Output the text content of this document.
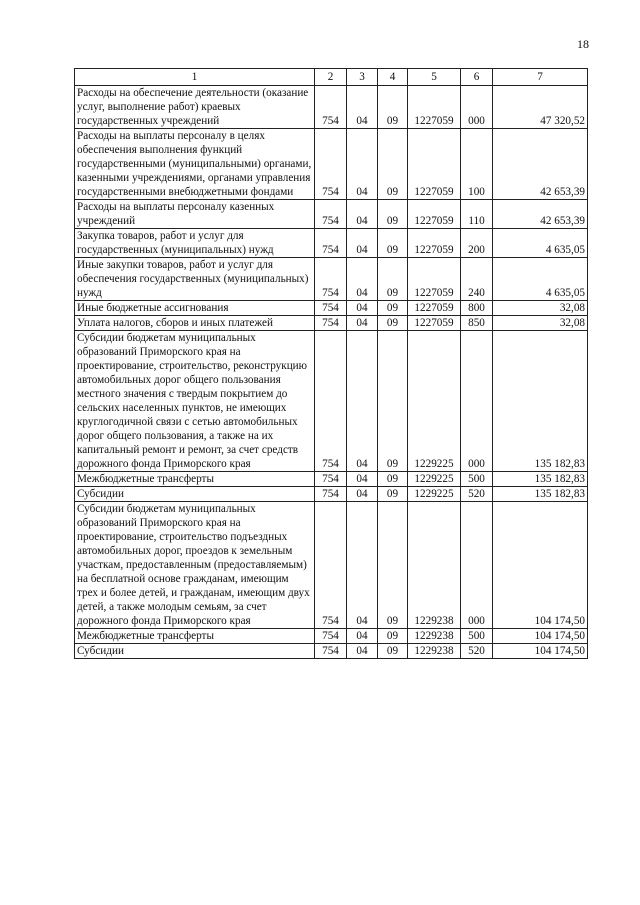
18
1	2	3	4	5	6	7
Расходы на обеспечение деятельности (оказание услуг, выполнение работ) краевых государственных учреждений	754	04	09	1227059	000	47 320,52
Расходы на выплаты персоналу в целях обеспечения выполнения функций государственными (муниципальными) органами, казенными учреждениями, органами управления государственными внебюджетными фондами	754	04	09	1227059	100	42 653,39
Расходы на выплаты персоналу казенных учреждений	754	04	09	1227059	110	42 653,39
Закупка товаров, работ и услуг для государственных (муниципальных) нужд	754	04	09	1227059	200	4 635,05
Иные закупки товаров, работ и услуг для обеспечения государственных (муниципальных) нужд	754	04	09	1227059	240	4 635,05
Иные бюджетные ассигнования	754	04	09	1227059	800	32,08
Уплата налогов, сборов и иных платежей	754	04	09	1227059	850	32,08
Субсидии бюджетам муниципальных образований Приморского края на проектирование, строительство, реконструкцию автомобильных дорог общего пользования местного значения с твердым покрытием до сельских населенных пунктов, не имеющих круглогодичной связи с сетью автомобильных дорог общего пользования, а также на их капитальный ремонт и ремонт, за счет средств дорожного фонда Приморского края	754	04	09	1229225	000	135 182,83
Межбюджетные трансферты	754	04	09	1229225	500	135 182,83
Субсидии	754	04	09	1229225	520	135 182,83
Субсидии бюджетам муниципальных образований Приморского края на проектирование, строительство подъездных автомобильных дорог, проездов к земельным участкам, предоставленным (предоставляемым) на бесплатной основе гражданам, имеющим трех и более детей, и гражданам, имеющим двух детей, а также молодым семьям, за счет дорожного фонда Приморского края	754	04	09	1229238	000	104 174,50
Межбюджетные трансферты	754	04	09	1229238	500	104 174,50
Субсидии	754	04	09	1229238	520	104 174,50
